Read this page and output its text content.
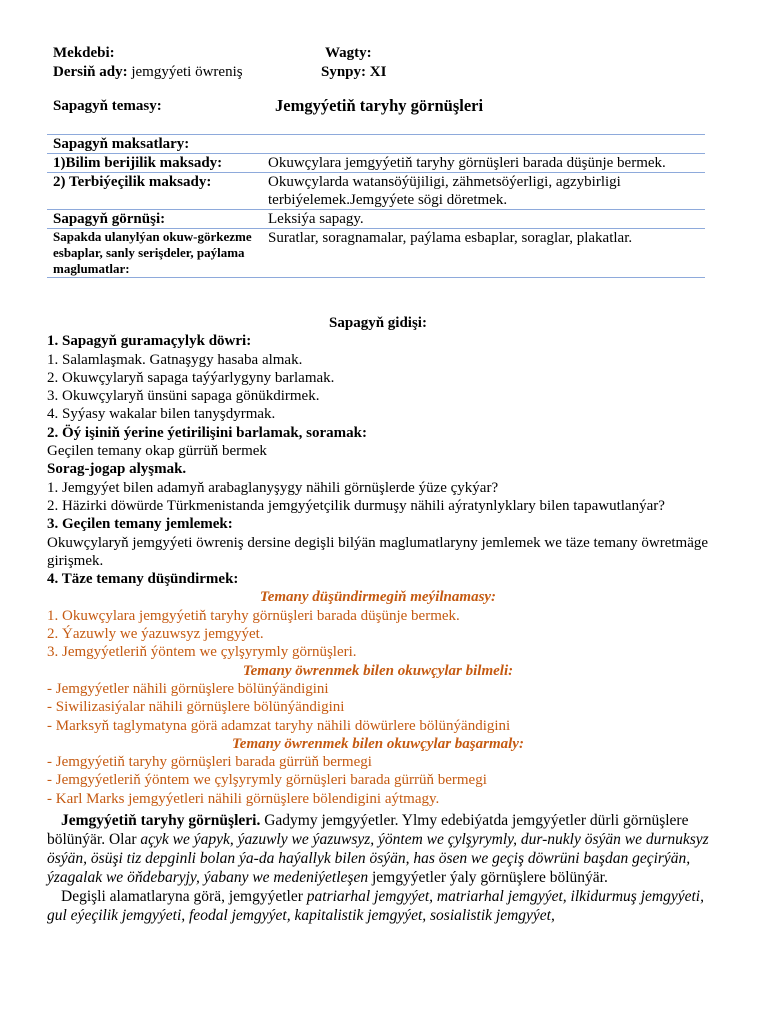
Mekdebi:	Wagty:
Dersiň ady: jemgyýeti öwreniş	Synpy: XI
Sapagyň temasy:	Jemgyýetiň taryhy görnüşleri
Sapagyň maksatlary:	
1)Bilim berijilik maksady:	Okuwçylara jemgyýetiň taryhy görnüşleri barada düşünje bermek.
2) Terbiýeçilik maksady:	Okuwçylarda watansöýüjiligi, zähmetsöýerligi, agzybirligi terbiýelemek.Jemgyýete sögi döretmek.
Sapagyň görnüşi:	Leksiýa sapagy.
Sapakda ulanylýan okuw-görkezme esbaplar, sanly serişdeler, paýlama maglumatlar:	Suratlar, soragnamalar, paýlama esbaplar, soraglar, plakatlar.

Sapagyň gidişi:

1. Sapagyň guramaçylyk döwri:

1. Salamlaşmak. Gatnaşygy hasaba almak.

2. Okuwçylaryň sapaga taýýarlygyny barlamak.

3. Okuwçylaryň ünsüni sapaga gönükdirmek.

4. Syýasy wakalar bilen tanyşdyrmak.

2. Öý işiniň ýerine ýetirilişini barlamak, soramak:

Geçilen temany okap gürrüň bermek

Sorag-jogap alyşmak.

1. Jemgyýet bilen adamyň arabaglanyşygy nähili görnüşlerde ýüze çykýar?

2. Häzirki döwürde Türkmenistanda jemgyýetçilik durmuşy nähili aýratynlyklary bilen tapawutlanýar?

3. Geçilen temany jemlemek:

Okuwçylaryň jemgyýeti öwreniş dersine degişli bilýän maglumatlaryny jemlemek we täze temany öwretmäge girişmek.

4. Täze temany düşündirmek:

Temany düşündirmegiň meýilnamasy:

1. Okuwçylara jemgyýetiň taryhy görnüşleri barada düşünje bermek.

2. Ýazuwly we ýazuwsyz jemgyýet.

3. Jemgyýetleriň ýöntem we çylşyrymly görnüşleri.

Temany öwrenmek bilen okuwçylar bilmeli:

- Jemgyýetler nähili görnüşlere bölünýändigini

- Siwilizasiýalar nähili görnüşlere bölünýändigini

- Marksyň taglymatyna görä adamzat taryhy nähili döwürlere bölünýändigini

Temany öwrenmek bilen okuwçylar başarmaly:

- Jemgyýetiň taryhy görnüşleri barada gürrüň bermegi

- Jemgyýetleriň ýöntem we çylşyrymly görnüşleri barada gürrüň bermegi

- Karl Marks jemgyýetleri nähili görnüşlere bölendigini aýtmagy.

Jemgyýetiň taryhy görnüşleri. Gadymy jemgyýetler. Ylmy edebiýatda jemgyýetler dürli görnüşlere bölünýär. Olar açyk we ýapyk, ýazuwly we ýazuwsyz, ýöntem we çylşyrymly, dur-nukly ösýän we durnuksyz ösýän, ösüşi tiz depginli bolan ýa-da haýallyk bilen ösýän, has ösen we geçiş döwrüni başdan geçirýän, ýzagalak we öňdebaryjy, ýabany we medeniýetleşen jemgyýetler ýaly görnüşlere bölünýär.

Degişli alamatlaryna görä, jemgyýetler patriarhal jemgyýet, matriarhal jemgyýet, ilkidurmuş jemgyýeti, gul eýeçilik jemgyýeti, feodal jemgyýet, kapitalistik jemgyýet, sosialistik jemgyýet,
